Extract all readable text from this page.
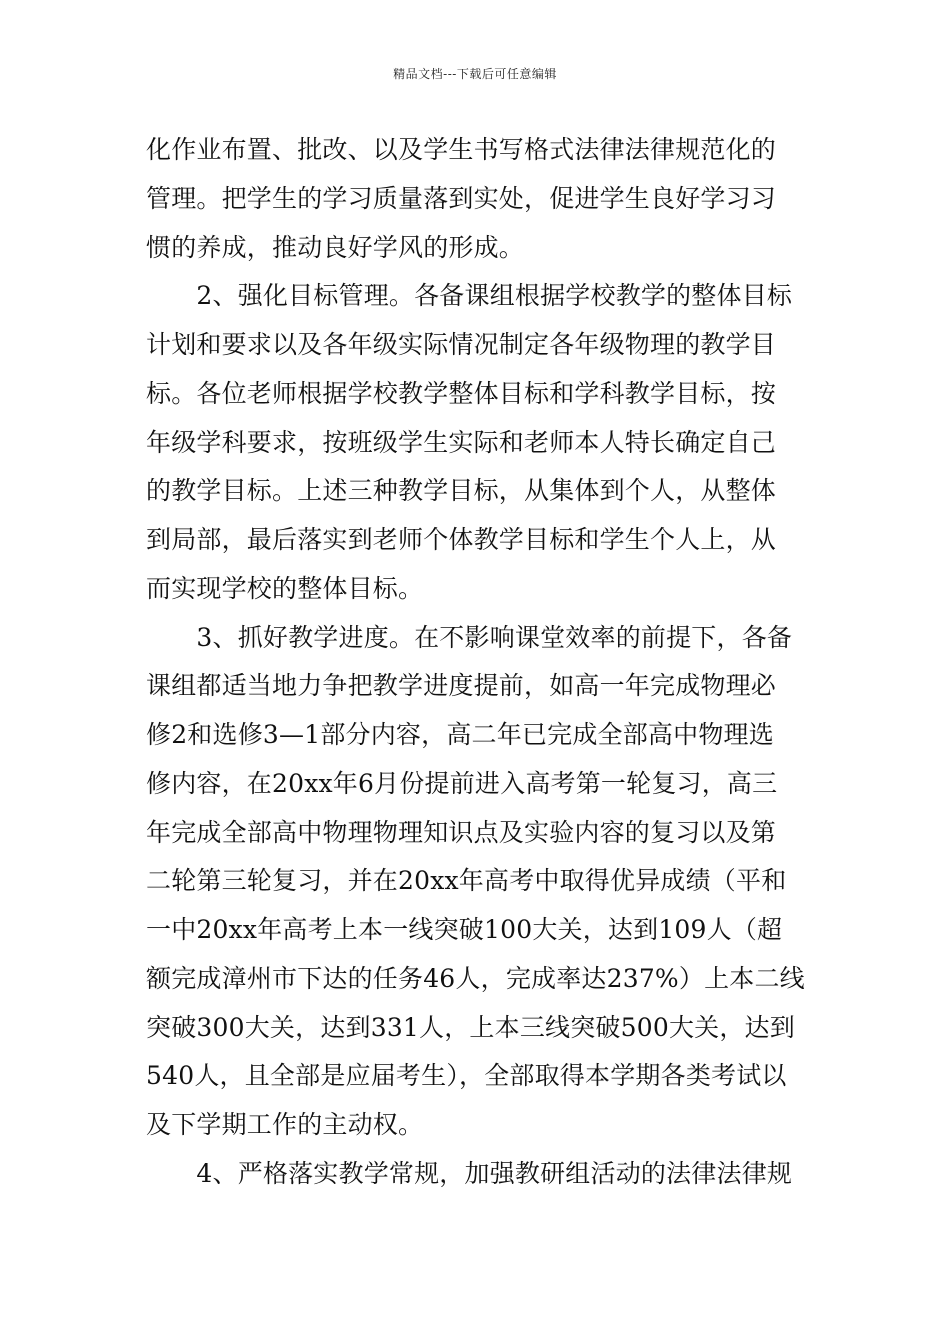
精品文档---下载后可任意编辑
化作业布置、批改、以及学生书写格式法律法律规范化的
管理。把学生的学习质量落到实处，促进学生良好学习习
惯的养成，推动良好学风的形成。
　　2、强化目标管理。各备课组根据学校教学的整体目标
计划和要求以及各年级实际情况制定各年级物理的教学目
标。各位老师根据学校教学整体目标和学科教学目标，按
年级学科要求，按班级学生实际和老师本人特长确定自己
的教学目标。上述三种教学目标，从集体到个人，从整体
到局部，最后落实到老师个体教学目标和学生个人上，从
而实现学校的整体目标。
　　3、抓好教学进度。在不影响课堂效率的前提下，各备
课组都适当地力争把教学进度提前，如高一年完成物理必
修2和选修3—1部分内容，高二年已完成全部高中物理选
修内容，在20xx年6月份提前进入高考第一轮复习，高三
年完成全部高中物理物理知识点及实验内容的复习以及第
二轮第三轮复习，并在20xx年高考中取得优异成绩（平和
一中20xx年高考上本一线突破100大关，达到109人（超
额完成漳州市下达的任务46人，完成率达237%）上本二线
突破300大关，达到331人，上本三线突破500大关，达到
540人，且全部是应届考生），全部取得本学期各类考试以
及下学期工作的主动权。
　　4、严格落实教学常规，加强教研组活动的法律法律规
